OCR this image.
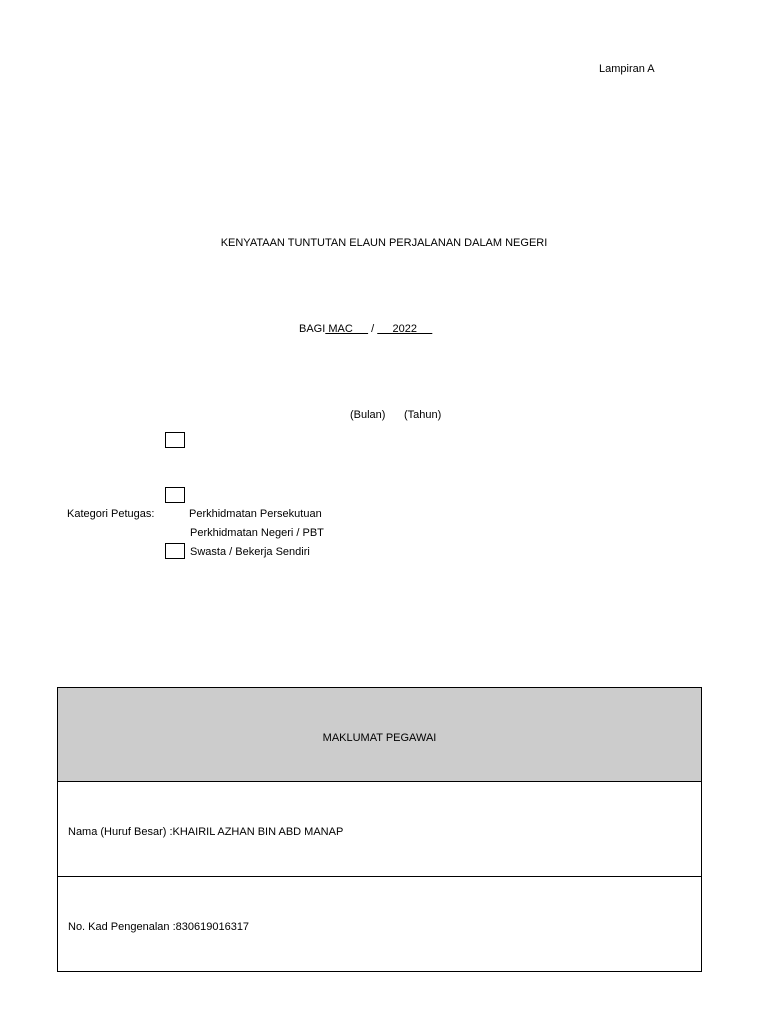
Lampiran A
KENYATAAN TUNTUTAN ELAUN PERJALANAN DALAM NEGERI
BAGI MAC      /      2022
(Bulan) (Tahun)
Kategori Petugas:	Perkhidmatan Persekutuan
Perkhidmatan Negeri / PBT
Swasta / Bekerja Sendiri
MAKLUMAT PEGAWAI
Nama (Huruf Besar) :KHAIRIL AZHAN BIN ABD MANAP
No. Kad Pengenalan :830619016317
